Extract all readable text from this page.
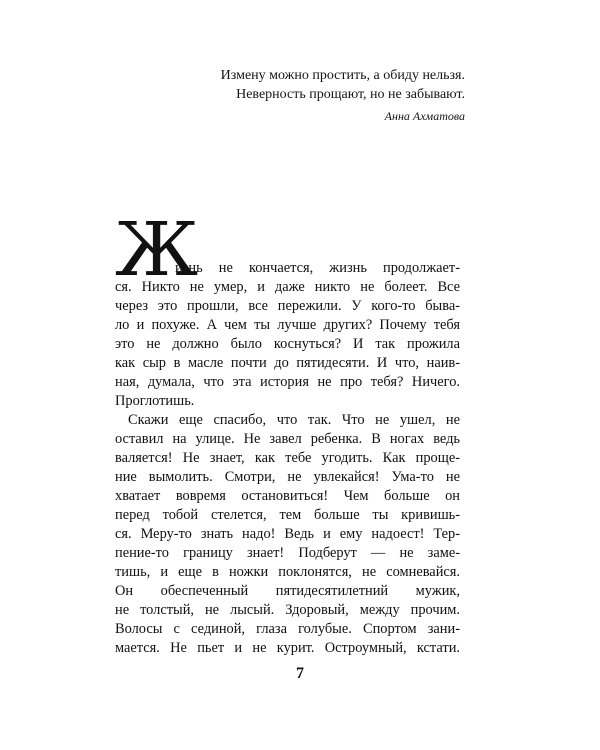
Измену можно простить, а обиду нельзя.
Неверность прощают, но не забывают.
Анна Ахматова
Ж
изнь не кончается, жизнь продолжает-
ся. Никто не умер, и даже никто не болеет. Все
через это прошли, все пережили. У кого-то быва-
ло и похуже. А чем ты лучше других? Почему тебя
это не должно было коснуться? И так прожила
как сыр в масле почти до пятидесяти. И что, наив-
ная, думала, что эта история не про тебя? Ничего.
Проглотишь.
Скажи еще спасибо, что так. Что не ушел, не
оставил на улице. Не завел ребенка. В ногах ведь
валяется! Не знает, как тебе угодить. Как проще-
ние вымолить. Смотри, не увлекайся! Ума-то не
хватает вовремя остановиться! Чем больше он
перед тобой стелется, тем больше ты кривишь-
ся. Меру-то знать надо! Ведь и ему надоест! Тер-
пение-то границу знает! Подберут — не заме-
тишь, и еще в ножки поклонятся, не сомневайся.
Он обеспеченный пятидесятилетний мужик,
не толстый, не лысый. Здоровый, между прочим.
Волосы с сединой, глаза голубые. Спортом зани-
мается. Не пьет и не курит. Остроумный, кстати.
7
